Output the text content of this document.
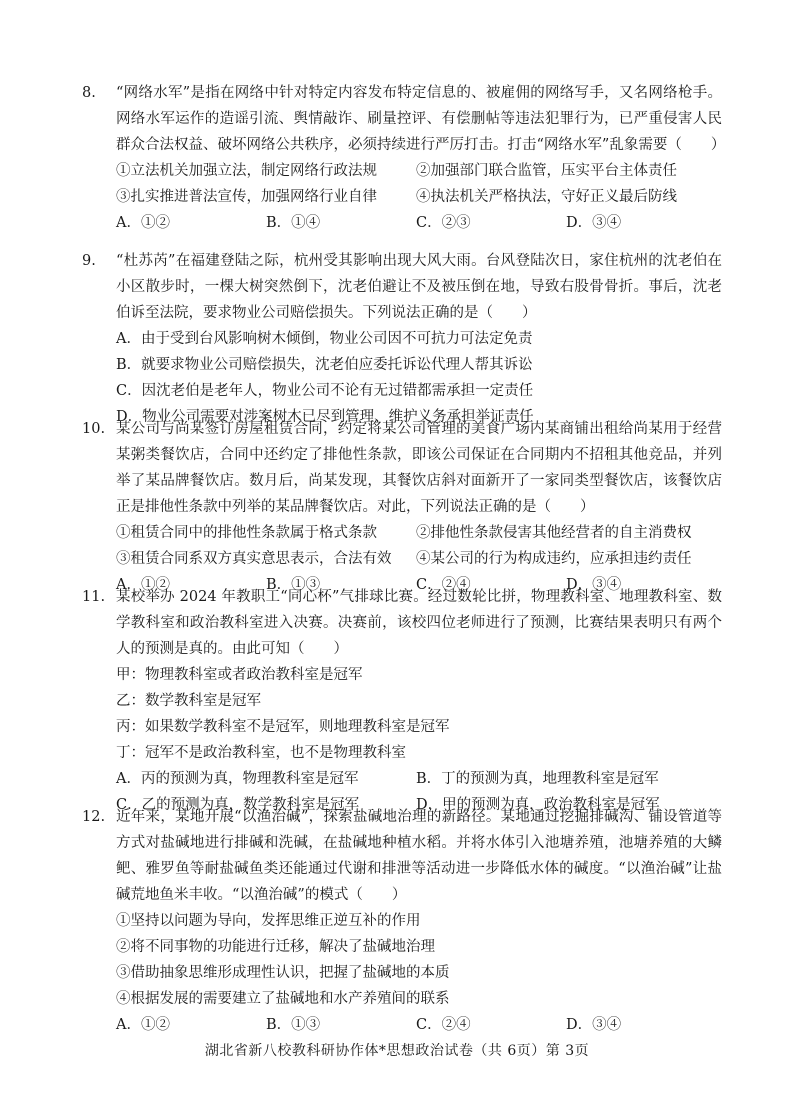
8. “网络水军”是指在网络中针对特定内容发布特定信息的、被雇佣的网络写手，又名网络枪手。网络水军运作的造谣引流、舆情敲诈、刷量控评、有偿删帖等违法犯罪行为，已严重侵害人民群众合法权益、破坏网络公共秩序，必须持续进行严厉打击。打击“网络水军”乱象需要（　　）
①立法机关加强立法，制定网络行政法规	②加强部门联合监管，压实平台主体责任
③扎实推进普法宣传，加强网络行业自律	④执法机关严格执法，守好正义最后防线
A．①②	B．①④	C．②③	D．③④
9. “杜苏芮”在福建登陆之际，杭州受其影响出现大风大雨。台风登陆次日，家住杭州的沈老伯在小区散步时，一棵大树突然倒下，沈老伯避让不及被压倒在地，导致右股骨骨折。事后，沈老伯诉至法院，要求物业公司赔偿损失。下列说法正确的是（　　）
A．由于受到台风影响树木倾倒，物业公司因不可抗力可法定免责
B．就要求物业公司赔偿损失，沈老伯应委托诉讼代理人帮其诉讼
C．因沈老伯是老年人，物业公司不论有无过错都需承担一定责任
D．物业公司需要对涉案树木已尽到管理、维护义务承担举证责任
10. 某公司与尚某签订房屋租赁合同，约定将某公司管理的美食广场内某商铺出租给尚某用于经营某粥类餐饮店，合同中还约定了排他性条款，即该公司保证在合同期内不招租其他竞品，并列举了某品牌餐饮店。数月后，尚某发现，其餐饮店斜对面新开了一家同类型餐饮店，该餐饮店正是排他性条款中列举的某品牌餐饮店。对此，下列说法正确的是（　　）
①租赁合同中的排他性条款属于格式条款	②排他性条款侵害其他经营者的自主消费权
③租赁合同系双方真实意思表示，合法有效	④某公司的行为构成违约，应承担违约责任
A．①②	B．①③	C．②④	D．③④
11. 某校举办 2024 年教职工“同心杯”气排球比赛。经过数轮比拼，物理教科室、地理教科室、数学教科室和政治教科室进入决赛。决赛前，该校四位老师进行了预测，比赛结果表明只有两个人的预测是真的。由此可知（　　）
甲：物理教科室或者政治教科室是冠军
乙：数学教科室是冠军
丙：如果数学教科室不是冠军，则地理教科室是冠军
丁：冠军不是政治教科室，也不是物理教科室
A．丙的预测为真，物理教科室是冠军	B．丁的预测为真，地理教科室是冠军
C．乙的预测为真，数学教科室是冠军	D．甲的预测为真，政治教科室是冠军
12. 近年来，某地开展“以渔治碱”，探索盐碱地治理的新路径。某地通过挖掘排碱沟、铺设管道等方式对盐碱地进行排碱和洗碱，在盐碱地种植水稻。并将水体引入池塘养殖，池塘养殖的大鳞鲃、雅罗鱼等耐盐碱鱼类还能通过代谢和排泄等活动进一步降低水体的碱度。“以渔治碱”让盐碱荒地鱼米丰收。“以渔治碱”的模式（　　）
①坚持以问题为导向，发挥思维正逆互补的作用
②将不同事物的功能进行迁移，解决了盐碱地治理
③借助抽象思维形成理性认识，把握了盐碱地的本质
④根据发展的需要建立了盐碱地和水产养殖间的联系
A．①②	B．①③	C．②④	D．③④
湖北省新八校教科研协作体*思想政治试卷（共 6页）第 3页
